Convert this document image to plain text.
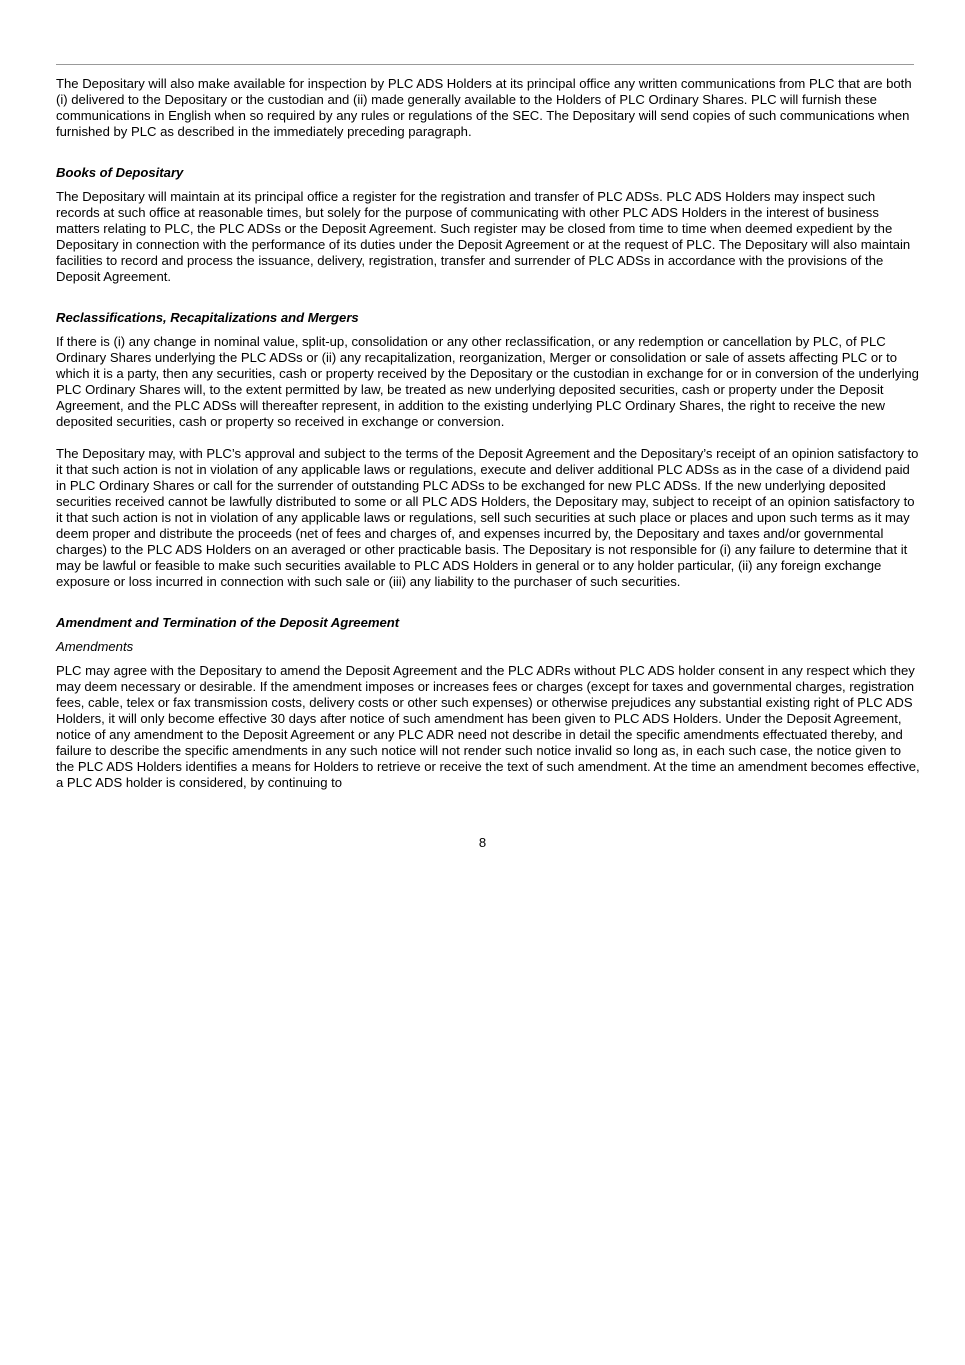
The Depositary will also make available for inspection by PLC ADS Holders at its principal office any written communications from PLC that are both (i) delivered to the Depositary or the custodian and (ii) made generally available to the Holders of PLC Ordinary Shares. PLC will furnish these communications in English when so required by any rules or regulations of the SEC. The Depositary will send copies of such communications when furnished by PLC as described in the immediately preceding paragraph.

Books of Depositary

The Depositary will maintain at its principal office a register for the registration and transfer of PLC ADSs. PLC ADS Holders may inspect such records at such office at reasonable times, but solely for the purpose of communicating with other PLC ADS Holders in the interest of business matters relating to PLC, the PLC ADSs or the Deposit Agreement. Such register may be closed from time to time when deemed expedient by the Depositary in connection with the performance of its duties under the Deposit Agreement or at the request of PLC. The Depositary will also maintain facilities to record and process the issuance, delivery, registration, transfer and surrender of PLC ADSs in accordance with the provisions of the Deposit Agreement.

Reclassifications, Recapitalizations and Mergers

If there is (i) any change in nominal value, split-up, consolidation or any other reclassification, or any redemption or cancellation by PLC, of PLC Ordinary Shares underlying the PLC ADSs or (ii) any recapitalization, reorganization, Merger or consolidation or sale of assets affecting PLC or to which it is a party, then any securities, cash or property received by the Depositary or the custodian in exchange for or in conversion of the underlying PLC Ordinary Shares will, to the extent permitted by law, be treated as new underlying deposited securities, cash or property under the Deposit Agreement, and the PLC ADSs will thereafter represent, in addition to the existing underlying PLC Ordinary Shares, the right to receive the new deposited securities, cash or property so received in exchange or conversion.

The Depositary may, with PLC’s approval and subject to the terms of the Deposit Agreement and the Depositary’s receipt of an opinion satisfactory to it that such action is not in violation of any applicable laws or regulations, execute and deliver additional PLC ADSs as in the case of a dividend paid in PLC Ordinary Shares or call for the surrender of outstanding PLC ADSs to be exchanged for new PLC ADSs. If the new underlying deposited securities received cannot be lawfully distributed to some or all PLC ADS Holders, the Depositary may, subject to receipt of an opinion satisfactory to it that such action is not in violation of any applicable laws or regulations, sell such securities at such place or places and upon such terms as it may deem proper and distribute the proceeds (net of fees and charges of, and expenses incurred by, the Depositary and taxes and/or governmental charges) to the PLC ADS Holders on an averaged or other practicable basis. The Depositary is not responsible for (i) any failure to determine that it may be lawful or feasible to make such securities available to PLC ADS Holders in general or to any holder particular, (ii) any foreign exchange exposure or loss incurred in connection with such sale or (iii) any liability to the purchaser of such securities.

Amendment and Termination of the Deposit Agreement

Amendments

PLC may agree with the Depositary to amend the Deposit Agreement and the PLC ADRs without PLC ADS holder consent in any respect which they may deem necessary or desirable. If the amendment imposes or increases fees or charges (except for taxes and governmental charges, registration fees, cable, telex or fax transmission costs, delivery costs or other such expenses) or otherwise prejudices any substantial existing right of PLC ADS Holders, it will only become effective 30 days after notice of such amendment has been given to PLC ADS Holders. Under the Deposit Agreement, notice of any amendment to the Deposit Agreement or any PLC ADR need not describe in detail the specific amendments effectuated thereby, and failure to describe the specific amendments in any such notice will not render such notice invalid so long as, in each such case, the notice given to the PLC ADS Holders identifies a means for Holders to retrieve or receive the text of such amendment. At the time an amendment becomes effective, a PLC ADS holder is considered, by continuing to

8
